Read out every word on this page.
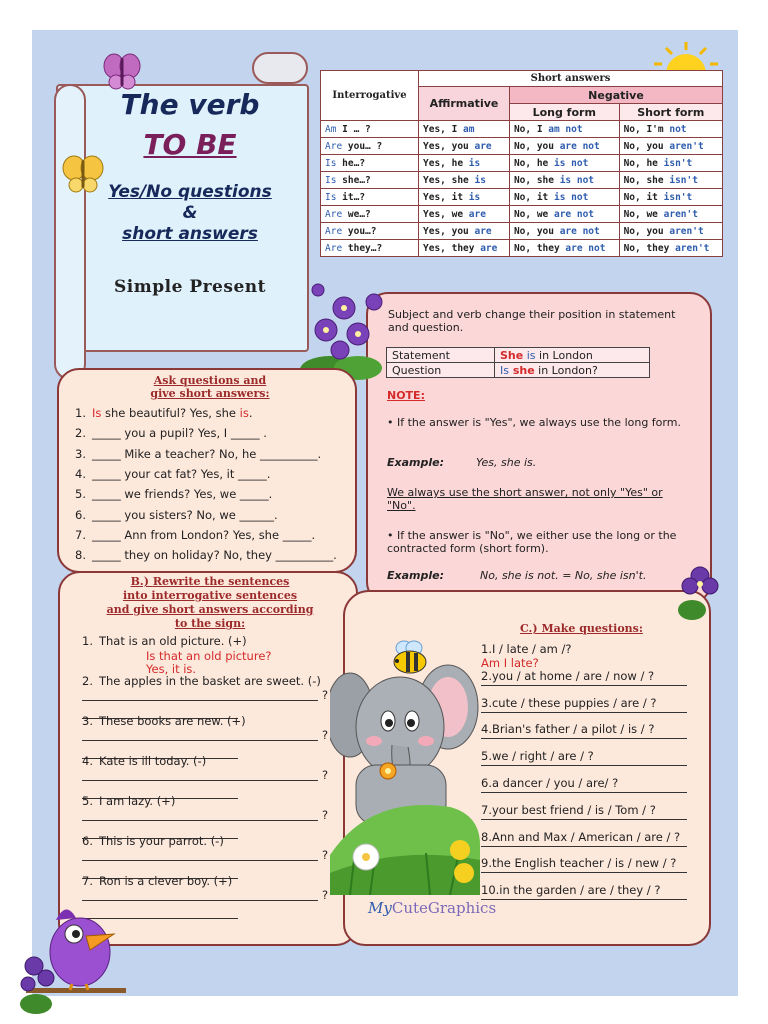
The verb
TO BE
Yes/No questions
&
short answers
Simple Present
Interrogative	Short answers		
	Affirmative	Negative	
		Long form	Short form
Am I … ?	Yes, I am	No, I am not	No, I'm not
Are you… ?	Yes, you are	No, you are not	No, you aren't
Is he…?	Yes, he is	No, he is not	No, he isn't
Is she…?	Yes, she is	No, she is not	No, she isn't
Is it…?	Yes, it is	No, it is not	No, it isn't
Are we…?	Yes, we are	No, we are not	No, we aren't
Are you…?	Yes, you are	No, you are not	No, you aren't
Are they…?	Yes, they are	No, they are not	No, they aren't
Subject and verb change their position in statement and question.
Statement	She is in London
Question	Is she in London?
NOTE:
• If the answer is "Yes", we always use the long form.
Example:	Yes, she is.
We always use the short answer, not only "Yes" or "No".
• If the answer is "No", we either use the long or the contracted form (short form).
Example:	No, she is not. = No, she isn't.
Ask questions and
give short answers:
1. Is she beautiful? Yes, she is.
2. _____ you a pupil? Yes, I _____ .
3. _____ Mike a teacher? No, he __________.
4. _____ your cat fat? Yes, it _____.
5. _____ we friends? Yes, we _____.
6. _____ you sisters? No, we ______.
7. _____ Ann from London? Yes, she _____.
8. _____ they on holiday? No, they __________.
B.) Rewrite the sentences
into interrogative sentences
and give short answers according
to the sign:
1. That is an old picture. (+)
2. The apples in the basket are sweet. (-)
?
3. These books are new. (+)
?
4. Kate is ill today. (-)
?
5. I am lazy. (+)
?
6. This is your parrot. (-)
?
7. Ron is a clever boy. (+)
?
Is that an old picture?
Yes, it is.
C.) Make questions:
1.I / late / am /?
2.you / at home / are / now / ?
3.cute / these puppies / are / ?
4.Brian's father / a pilot / is / ?
5.we / right / are / ?
6.a dancer / you / are/ ?
7.your best friend / is / Tom / ?
8.Ann and Max / American / are / ?
9.the English teacher / is / new / ?
10.in the garden / are / they / ?
Am I late?
MyCuteGraphics
